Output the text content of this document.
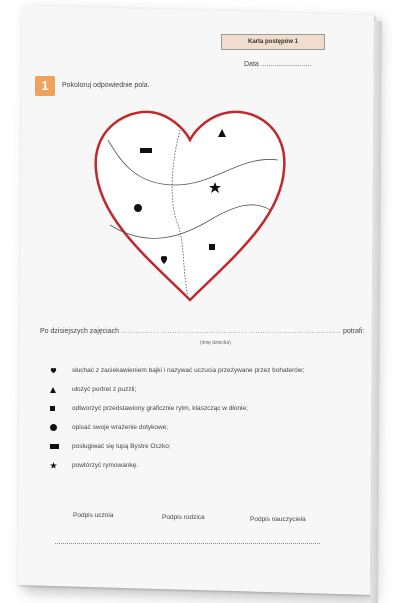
Karta postępów 1
Data ..........................
1	Pokoloruj odpowiednie pola.
Po dzisiejszych zajęciach .......................................................................................... potrafi:
(imię dziecka)
słuchać z zaciekawieniem bajki i nazywać uczucia przeżywane przez bohaterów;
ułożyć portret z puzzli;
odtworzyć przedstawiony graficznie rytm, klaszcząc w dłonie;
opisać swoje wrażenie dotykowe;
posługiwać się lupą Bystre Oczko;
powtórzyć rymowankę.
Podpis ucznia	Podpis rodzica	Podpis nauczyciela
